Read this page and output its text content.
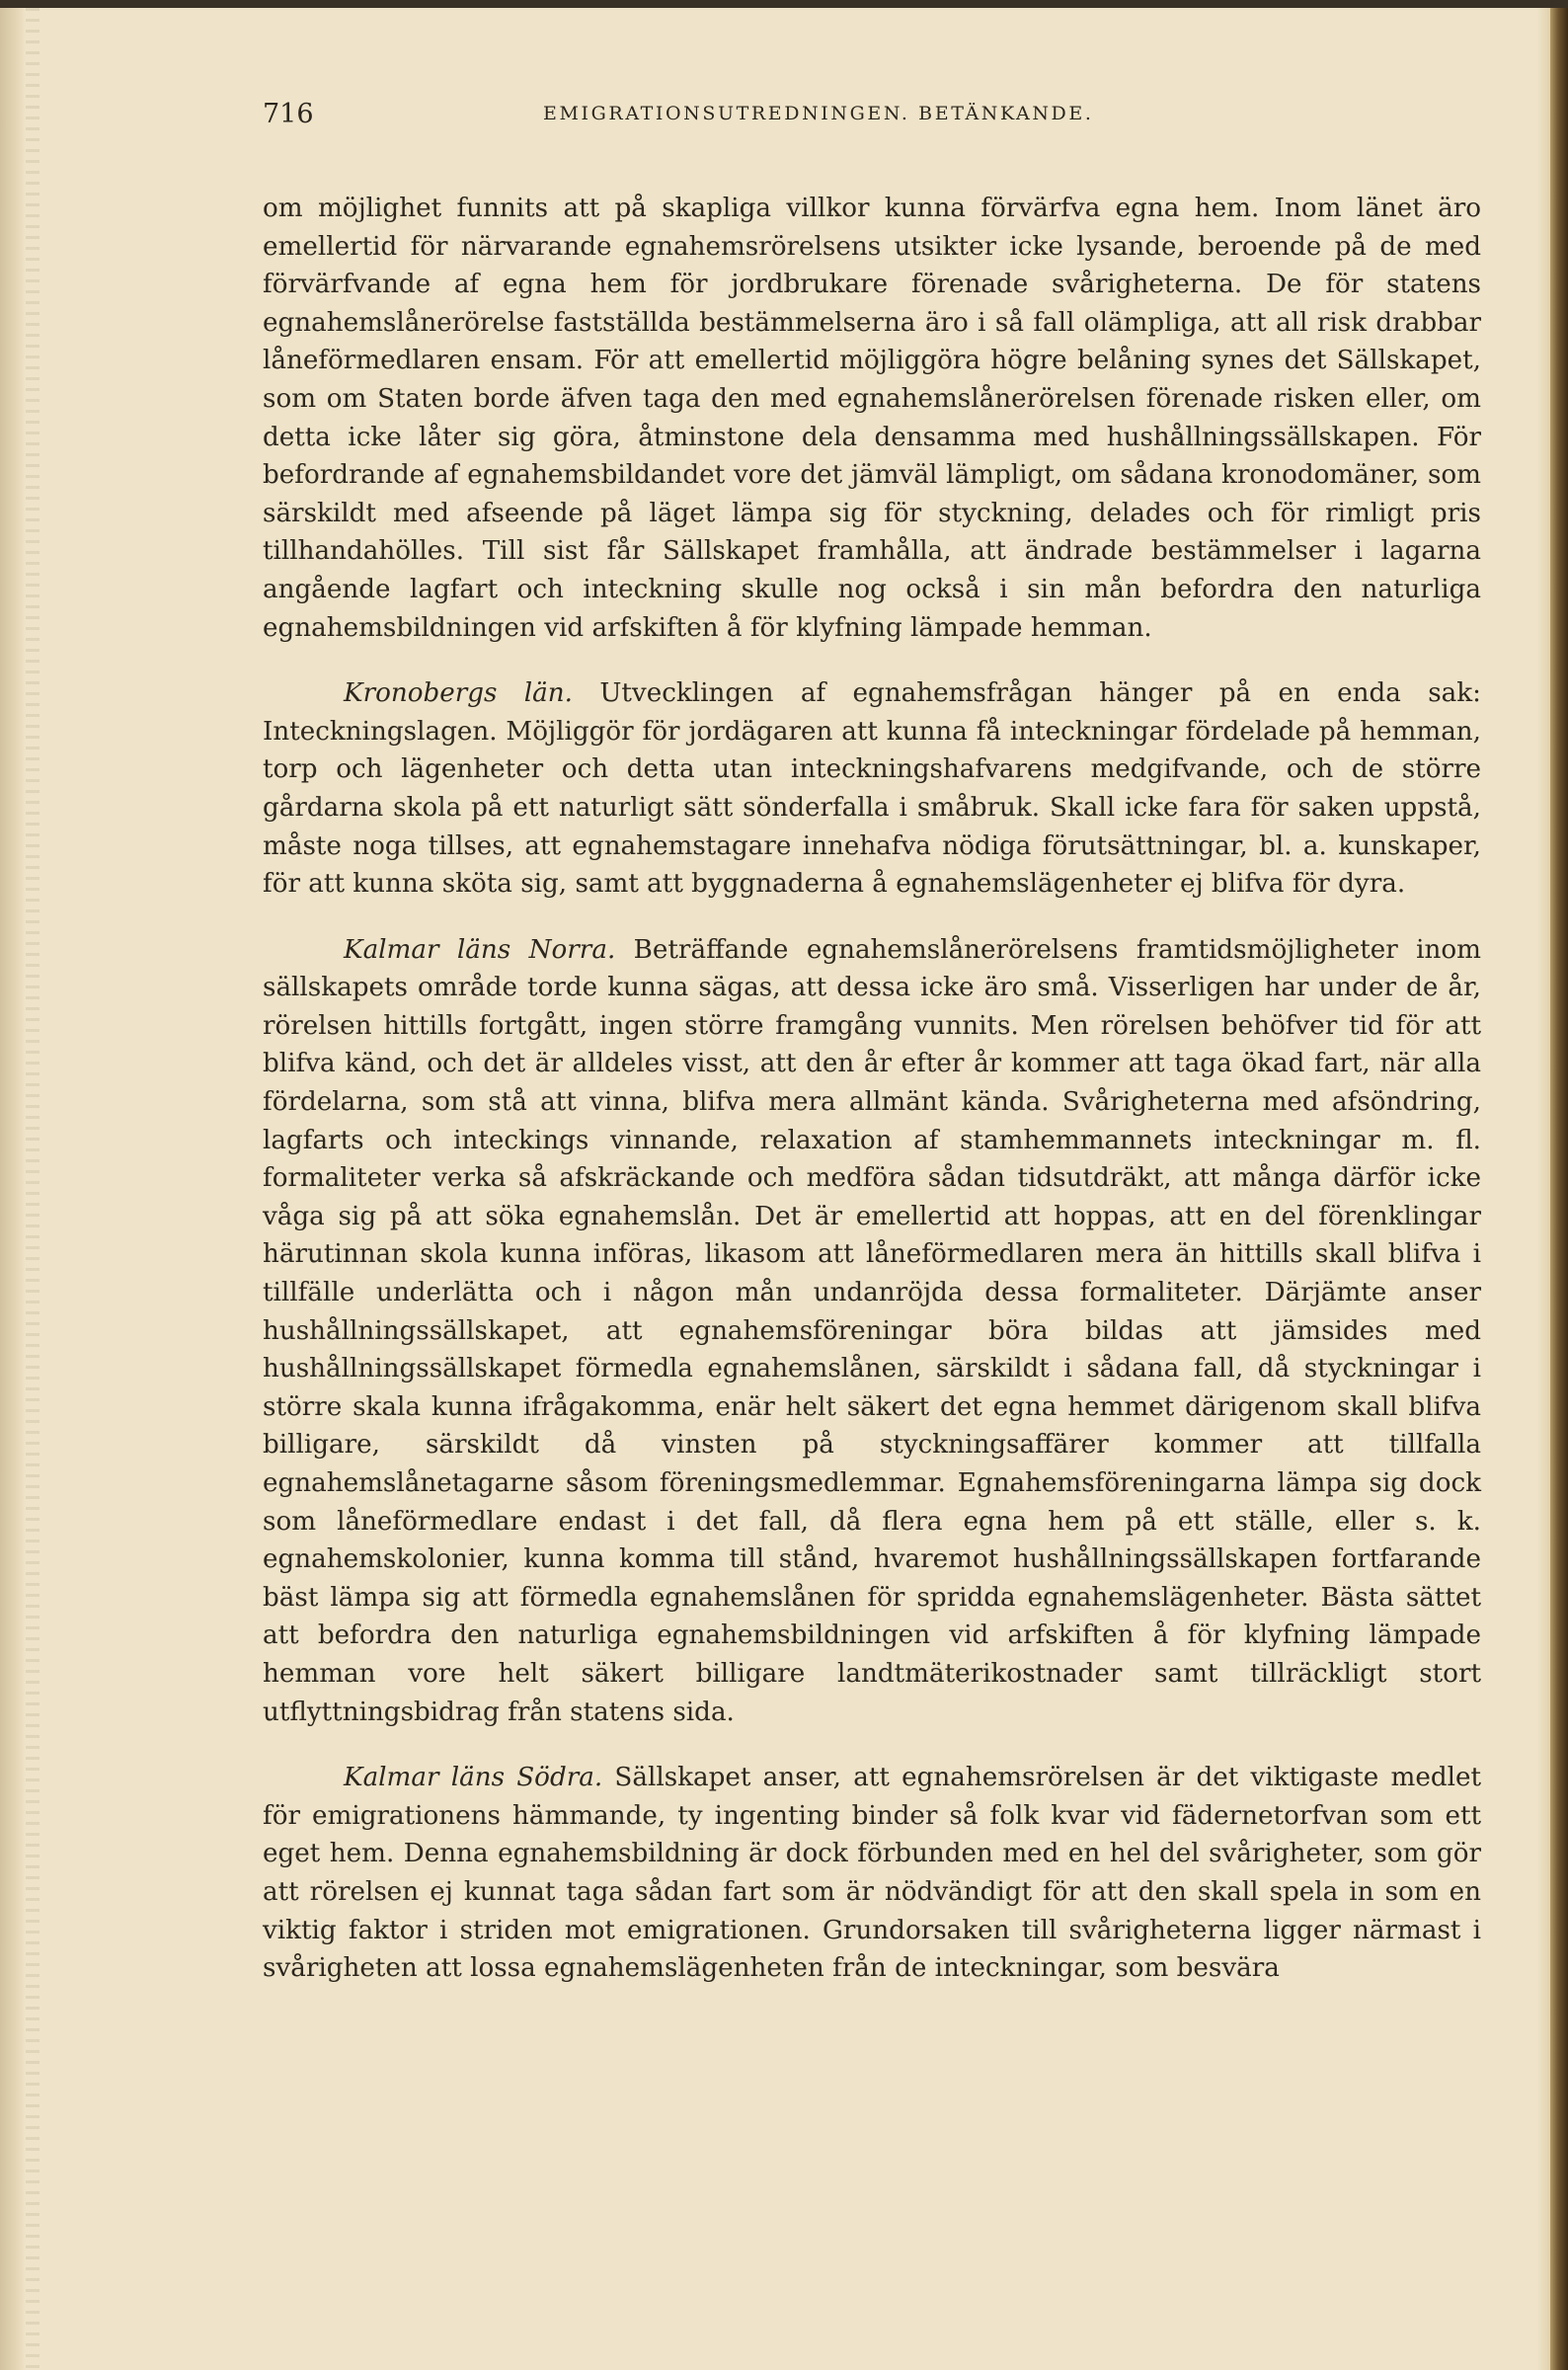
716	EMIGRATIONSUTREDNINGEN. BETÄNKANDE.

om möjlighet funnits att på skapliga villkor kunna förvärfva egna hem. Inom länet äro emellertid för närvarande egnahemsrörelsens utsikter icke lysande, beroende på de med förvärfvande af egna hem för jordbrukare förenade svårigheterna. De för statens egnahemslånerörelse fastställda bestämmelserna äro i så fall olämpliga, att all risk drabbar låneförmedlaren ensam. För att emellertid möjliggöra högre belåning synes det Sällskapet, som om Staten borde äfven taga den med egnahemslånerörelsen förenade risken eller, om detta icke låter sig göra, åtminstone dela densamma med hushållningssällskapen. För befordrande af egnahemsbildandet vore det jämväl lämpligt, om sådana kronodomäner, som särskildt med afseende på läget lämpa sig för styckning, delades och för rimligt pris tillhandahölles. Till sist får Sällskapet framhålla, att ändrade bestämmelser i lagarna angående lagfart och inteckning skulle nog också i sin mån befordra den naturliga egnahemsbildningen vid arfskiften å för klyfning lämpade hemman.

Kronobergs län. Utvecklingen af egnahemsfrågan hänger på en enda sak: Inteckningslagen. Möjliggör för jordägaren att kunna få inteckningar fördelade på hemman, torp och lägenheter och detta utan inteckningshafvarens medgifvande, och de större gårdarna skola på ett naturligt sätt sönderfalla i småbruk. Skall icke fara för saken uppstå, måste noga tillses, att egnahemstagare innehafva nödiga förutsättningar, bl. a. kunskaper, för att kunna sköta sig, samt att byggnaderna å egnahemslägenheter ej blifva för dyra.

Kalmar läns Norra. Beträffande egnahemslånerörelsens framtidsmöjligheter inom sällskapets område torde kunna sägas, att dessa icke äro små. Visserligen har under de år, rörelsen hittills fortgått, ingen större framgång vunnits. Men rörelsen behöfver tid för att blifva känd, och det är alldeles visst, att den år efter år kommer att taga ökad fart, när alla fördelarna, som stå att vinna, blifva mera allmänt kända. Svårigheterna med afsöndring, lagfarts och inteckings vinnande, relaxation af stamhemmannets inteckningar m. fl. formaliteter verka så afskräckande och medföra sådan tidsutdräkt, att många därför icke våga sig på att söka egnahemslån. Det är emellertid att hoppas, att en del förenklingar härutinnan skola kunna införas, likasom att låneförmedlaren mera än hittills skall blifva i tillfälle underlätta och i någon mån undanröjda dessa formaliteter. Därjämte anser hushållningssällskapet, att egnahemsföreningar böra bildas att jämsides med hushållningssällskapet förmedla egnahemslånen, särskildt i sådana fall, då styckningar i större skala kunna ifrågakomma, enär helt säkert det egna hemmet därigenom skall blifva billigare, särskildt då vinsten på styckningsaffärer kommer att tillfalla egnahemslånetagarne såsom föreningsmedlemmar. Egnahemsföreningarna lämpa sig dock som låneförmedlare endast i det fall, då flera egna hem på ett ställe, eller s. k. egnahemskolonier, kunna komma till stånd, hvaremot hushållningssällskapen fortfarande bäst lämpa sig att förmedla egnahemslånen för spridda egnahemslägenheter. Bästa sättet att befordra den naturliga egnahemsbildningen vid arfskiften å för klyfning lämpade hemman vore helt säkert billigare landtmäterikostnader samt tillräckligt stort utflyttningsbidrag från statens sida.

Kalmar läns Södra. Sällskapet anser, att egnahemsrörelsen är det viktigaste medlet för emigrationens hämmande, ty ingenting binder så folk kvar vid fädernetorfvan som ett eget hem. Denna egnahemsbildning är dock förbunden med en hel del svårigheter, som gör att rörelsen ej kunnat taga sådan fart som är nödvändigt för att den skall spela in som en viktig faktor i striden mot emigrationen. Grundorsaken till svårigheterna ligger närmast i svårigheten att lossa egnahemslägenheten från de inteckningar, som besvära
